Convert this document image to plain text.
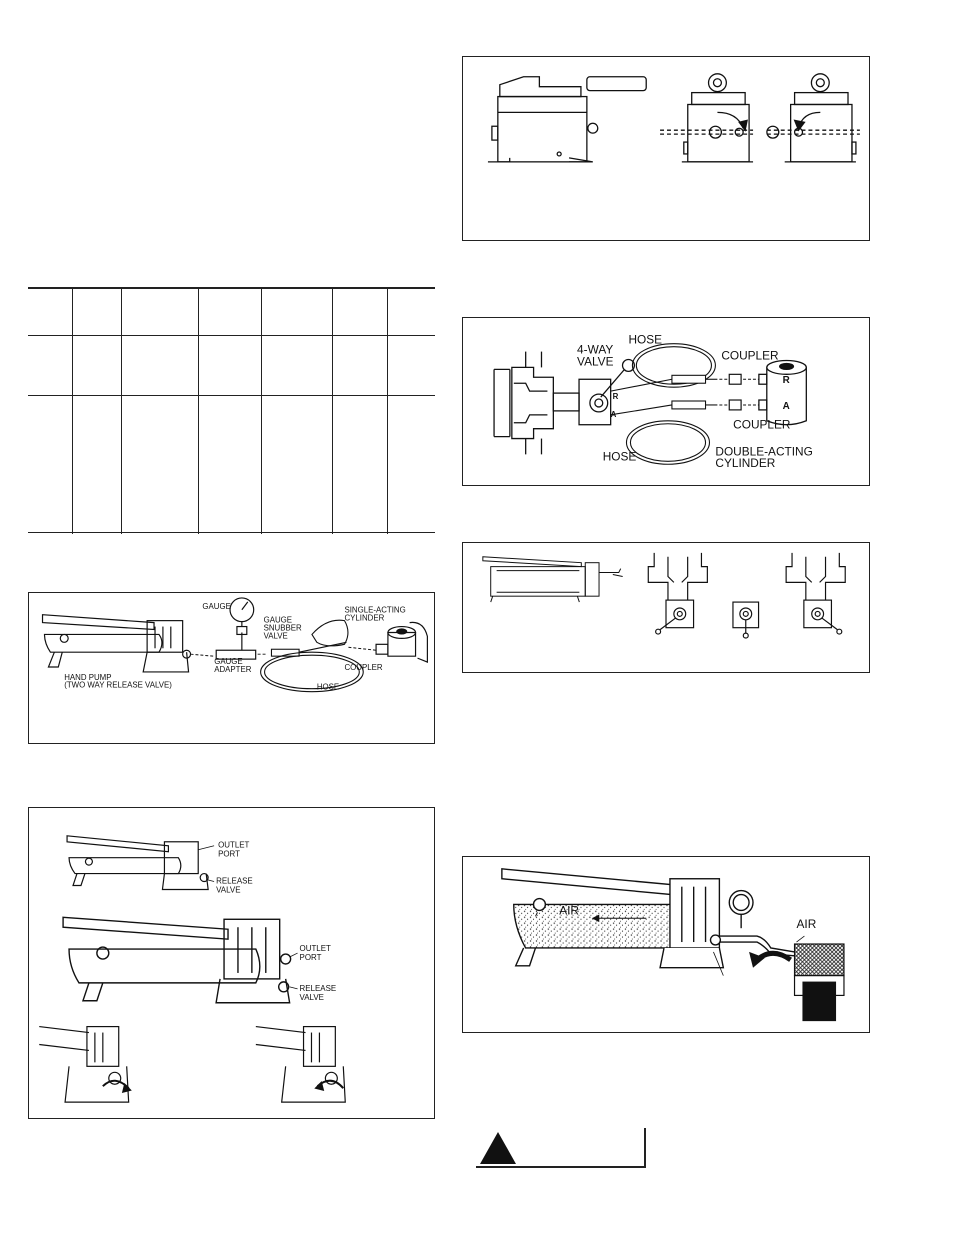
GAUGE
GAUGE
SNUBBER
VALVE
SINGLE-ACTING
CYLINDER
GAUGE
ADAPTER	COUPLER
HOSE
HAND PUMP
(TWO WAY RELEASE VALVE)
OUTLET
PORT
RELEASE
VALVE
OUTLET
PORT
RELEASE
VALVE
4-WAY
VALVE
HOSE
COUPLER
R
A
R
A
COUPLER
HOSE	DOUBLE-ACTING
CYLINDER
AIR
AIR
